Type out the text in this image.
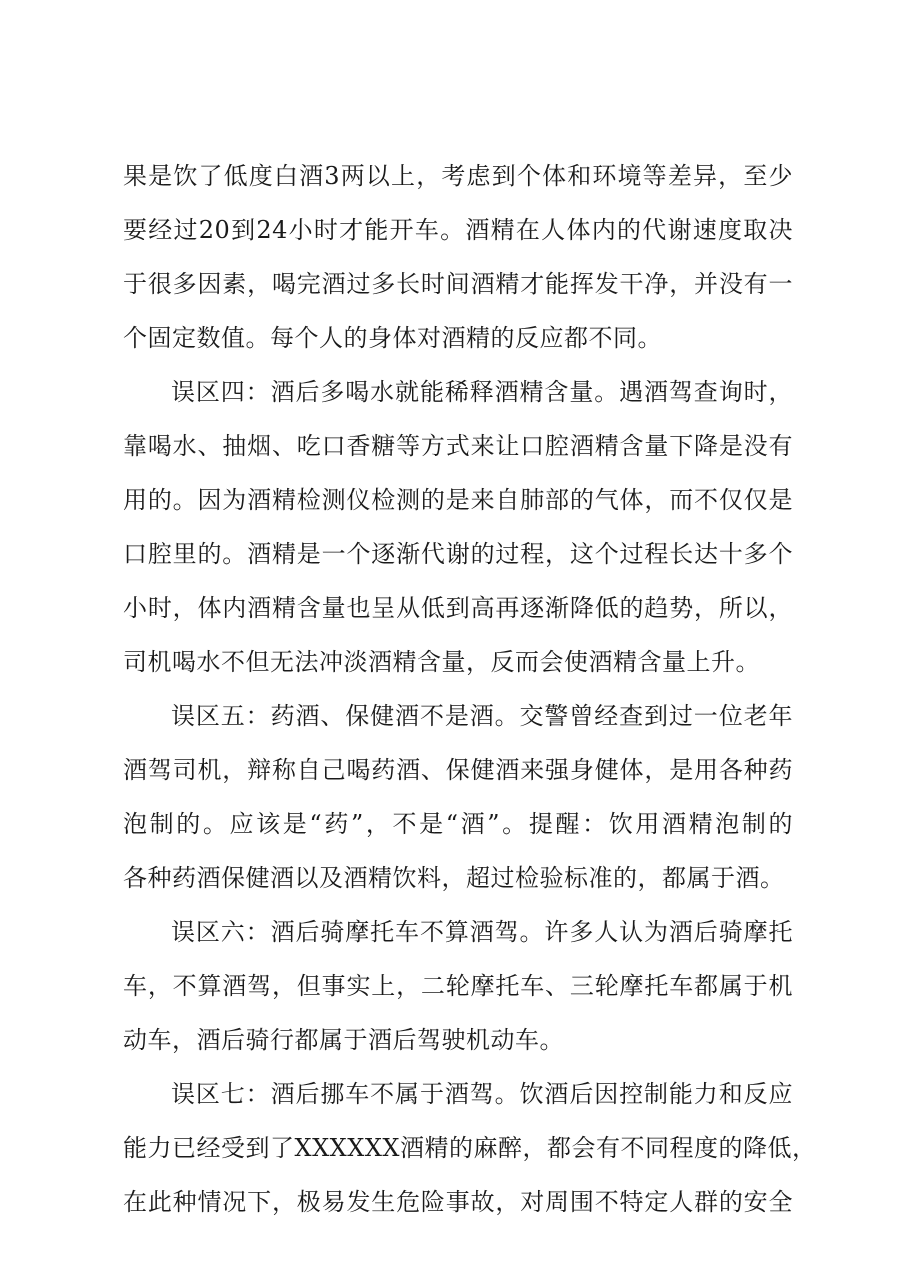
果是饮了低度白酒3两以上，考虑到个体和环境等差异，至少
要经过20到24小时才能开车。酒精在人体内的代谢速度取决
于很多因素，喝完酒过多长时间酒精才能挥发干净，并没有一
个固定数值。每个人的身体对酒精的反应都不同。
误区四：酒后多喝水就能稀释酒精含量。遇酒驾查询时，
靠喝水、抽烟、吃口香糖等方式来让口腔酒精含量下降是没有
用的。因为酒精检测仪检测的是来自肺部的气体，而不仅仅是
口腔里的。酒精是一个逐渐代谢的过程，这个过程长达十多个
小时，体内酒精含量也呈从低到高再逐渐降低的趋势，所以，
司机喝水不但无法冲淡酒精含量，反而会使酒精含量上升。
误区五：药酒、保健酒不是酒。交警曾经查到过一位老年
酒驾司机，辩称自己喝药酒、保健酒来强身健体，是用各种药
泡制的。应该是“药”，不是“酒”。提醒：饮用酒精泡制的
各种药酒保健酒以及酒精饮料，超过检验标准的，都属于酒。
误区六：酒后骑摩托车不算酒驾。许多人认为酒后骑摩托
车，不算酒驾，但事实上，二轮摩托车、三轮摩托车都属于机
动车，酒后骑行都属于酒后驾驶机动车。
误区七：酒后挪车不属于酒驾。饮酒后因控制能力和反应
能力已经受到了XXXXXX酒精的麻醉，都会有不同程度的降低，
在此种情况下，极易发生危险事故，对周围不特定人群的安全
